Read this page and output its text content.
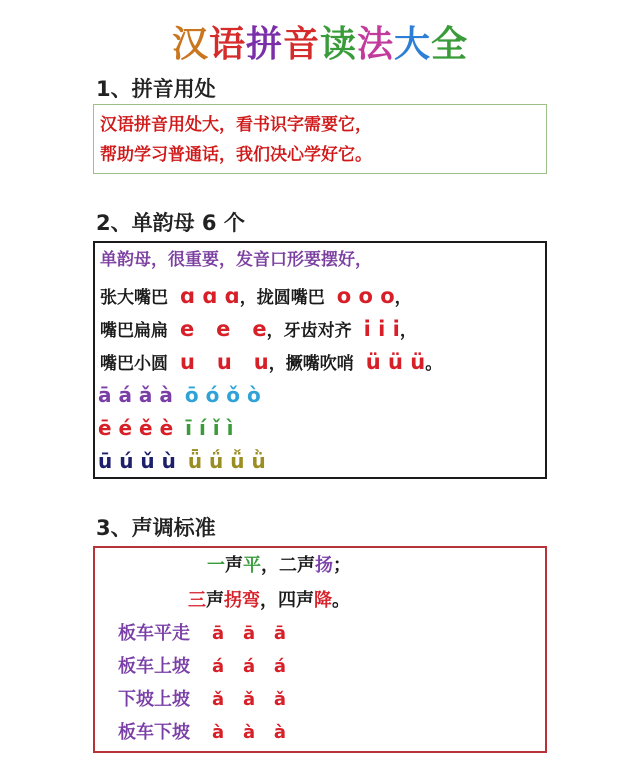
汉语拼音读法大全
1、拼音用处
汉语拼音用处大，看书识字需要它，
帮助学习普通话，我们决心学好它。
2、单韵母 6 个
单韵母，很重要，发音口形要摆好，
张大嘴巴 ɑ ɑ ɑ，拢圆嘴巴 o o o，
嘴巴扁扁 e   e   e，牙齿对齐 i i i，
嘴巴小圆 u   u   u，撅嘴吹哨 ü ü ü。
ā á ǎ à ō ó ǒ ò
ē é ě è ī í ǐ ì
ū ú ǔ ù ǖ ǘ ǚ ǜ
3、声调标准
一声平，二声扬；
三声拐弯，四声降。
板车平走 ā   ā   ā
板车上坡 á   á   á
下坡上坡 ǎ   ǎ   ǎ
板车下坡 à   à   à
